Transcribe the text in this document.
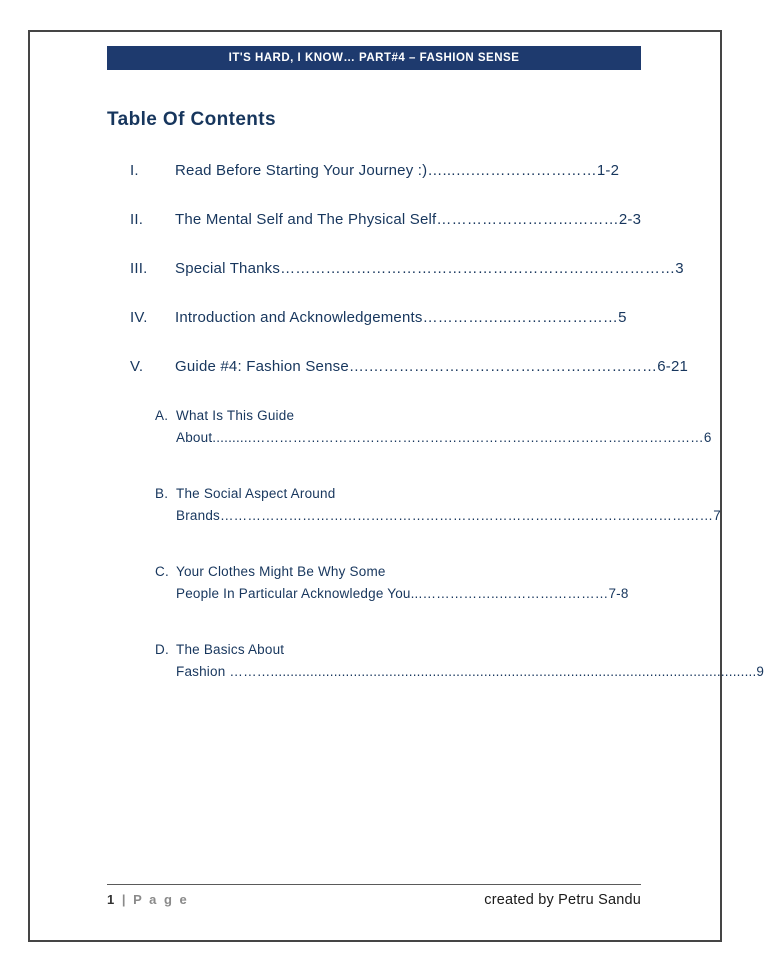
IT'S HARD, I KNOW… PART#4 – FASHION SENSE
Table Of Contents
I.	Read Before Starting Your Journey :)…...….……………………1-2
II.	The Mental Self and The Physical Self………………………………2-3
III.	Special Thanks……………………………………………………………………3
IV.	Introduction and Acknowledgements……………...…………………5
V.	Guide #4: Fashion Sense….…………………………………………………6-21
A. What Is This Guide
About..........………………………………………………………………………………………6
B. The Social Aspect Around
Brands………………………………………………………………………………………………7
C. Your Clothes Might Be Why Some
People In Particular Acknowledge You...……………..……………………7-8
D. The Basics About
Fashion ………...........................................................................................................................9
1 | P a g e	created by Petru Sandu
